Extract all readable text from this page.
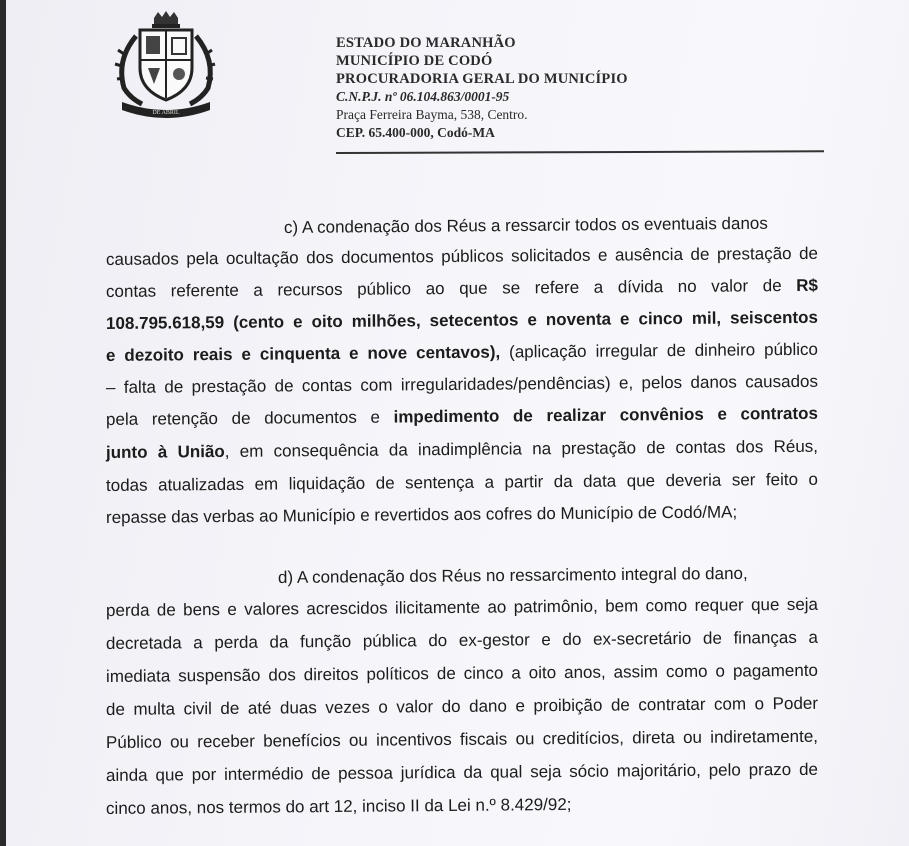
DE ABRIL
ESTADO DO MARANHÃO
MUNICÍPIO DE CODÓ
PROCURADORIA GERAL DO MUNICÍPIO
C.N.P.J. nº 06.104.863/0001-95
Praça Ferreira Bayma, 538, Centro.
CEP. 65.400-000, Codó-MA
c) A condenação dos Réus a ressarcir todos os eventuais danos
causados pela ocultação dos documentos públicos solicitados e ausência de prestação de
contas referente a recursos público ao que se refere a dívida no valor de R$
108.795.618,59 (cento e oito milhões, setecentos e noventa e cinco mil, seiscentos
e dezoito reais e cinquenta e nove centavos), (aplicação irregular de dinheiro público
– falta de prestação de contas com irregularidades/pendências) e, pelos danos causados
pela retenção de documentos e impedimento de realizar convênios e contratos
junto à União, em consequência da inadimplência na prestação de contas dos Réus,
todas atualizadas em liquidação de sentença a partir da data que deveria ser feito o
repasse das verbas ao Município e revertidos aos cofres do Município de Codó/MA;
d) A condenação dos Réus no ressarcimento integral do dano,
perda de bens e valores acrescidos ilicitamente ao patrimônio, bem como requer que seja
decretada a perda da função pública do ex-gestor e do ex-secretário de finanças a
imediata suspensão dos direitos políticos de cinco a oito anos, assim como o pagamento
de multa civil de até duas vezes o valor do dano e proibição de contratar com o Poder
Público ou receber benefícios ou incentivos fiscais ou creditícios, direta ou indiretamente,
ainda que por intermédio de pessoa jurídica da qual seja sócio majoritário, pelo prazo de
cinco anos, nos termos do art 12, inciso II da Lei n.º 8.429/92;
